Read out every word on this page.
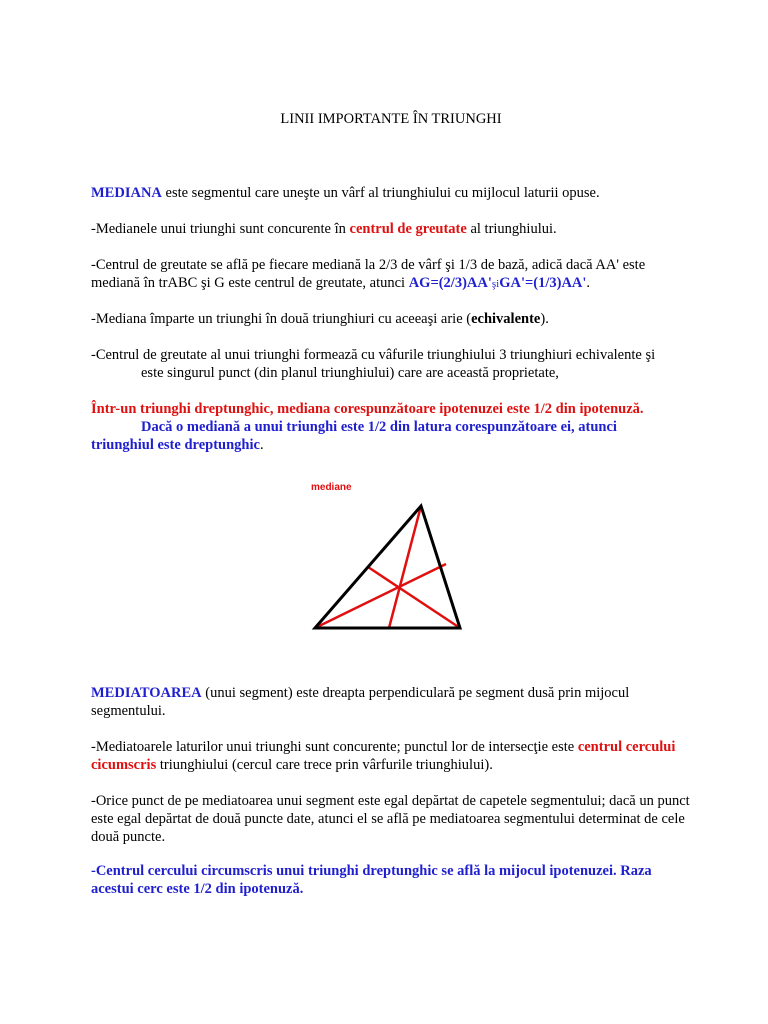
LINII IMPORTANTE ÎN TRIUNGHI

MEDIANA este segmentul care uneşte un vârf al triunghiului cu mijlocul laturii opuse.

-Medianele unui triunghi sunt concurente în centrul de greutate al triunghiului.

-Centrul de greutate se află pe fiecare mediană la 2/3 de vârf şi 1/3 de bază, adică dacă AA' este mediană în trABC şi G este centrul de greutate, atunci AG=(2/3)AA'şiGA'=(1/3)AA'.

-Mediana împarte un triunghi în două triunghiuri cu aceeaşi arie (echivalente).

-Centrul de greutate al unui triunghi formează cu vâfurile triunghiului 3 triunghiuri echivalente şi
este singurul punct (din planul triunghiului) care are această proprietate,

Într-un triunghi dreptunghic, mediana corespunzătoare ipotenuzei este 1/2 din ipotenuză.
Dacă o mediană a unui triunghi este 1/2 din latura corespunzătoare ei, atunci
triunghiul este dreptunghic.

mediane

MEDIATOAREA (unui segment) este dreapta perpendiculară pe segment dusă prin mijocul segmentului.

-Mediatoarele laturilor unui triunghi sunt concurente; punctul lor de intersecţie este centrul cercului cicumscris triunghiului (cercul care trece prin vârfurile triunghiului).

-Orice punct de pe mediatoarea unui segment este egal depărtat de capetele segmentului; dacă un punct este egal depărtat de două puncte date, atunci el se află pe mediatoarea segmentului determinat de cele două puncte.

-Centrul cercului circumscris unui triunghi dreptunghic se află la mijocul ipotenuzei. Raza acestui cerc este 1/2 din ipotenuză.
